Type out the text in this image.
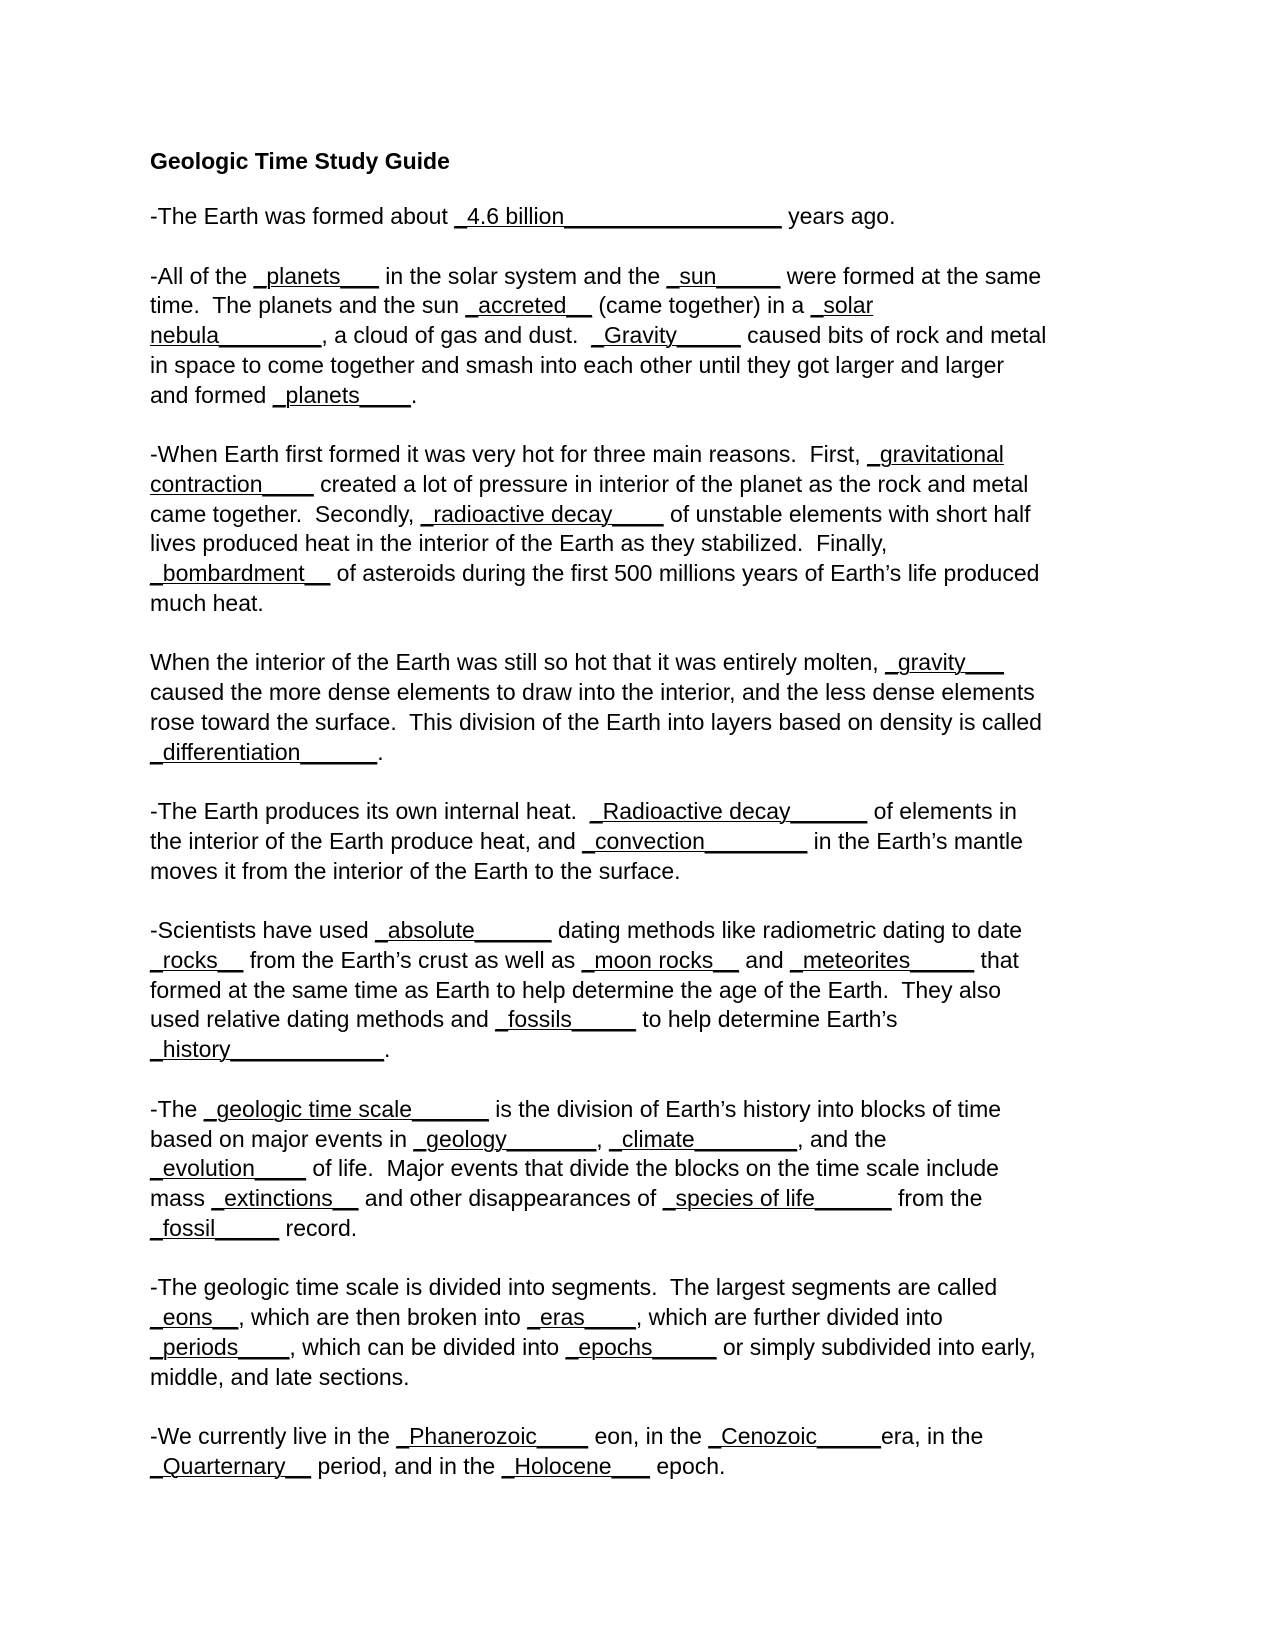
Geologic Time Study Guide
-The Earth was formed about _4.6 billion_________________ years ago.
-All of the _planets___ in the solar system and the _sun_____ were formed at the same
time.  The planets and the sun _accreted__ (came together) in a _solar
nebula________, a cloud of gas and dust.  _Gravity_____ caused bits of rock and metal
in space to come together and smash into each other until they got larger and larger
and formed _planets____.
-When Earth first formed it was very hot for three main reasons.  First, _gravitational
contraction____ created a lot of pressure in interior of the planet as the rock and metal
came together.  Secondly, _radioactive decay____ of unstable elements with short half
lives produced heat in the interior of the Earth as they stabilized.  Finally,
_bombardment__ of asteroids during the first 500 millions years of Earth’s life produced
much heat.
When the interior of the Earth was still so hot that it was entirely molten, _gravity___
caused the more dense elements to draw into the interior, and the less dense elements
rose toward the surface.  This division of the Earth into layers based on density is called
_differentiation______.
-The Earth produces its own internal heat.  _Radioactive decay______ of elements in
the interior of the Earth produce heat, and _convection________ in the Earth’s mantle
moves it from the interior of the Earth to the surface.
-Scientists have used _absolute______ dating methods like radiometric dating to date
_rocks__ from the Earth’s crust as well as _moon rocks__ and _meteorites_____ that
formed at the same time as Earth to help determine the age of the Earth.  They also
used relative dating methods and _fossils_____ to help determine Earth’s
_history____________.
-The _geologic time scale______ is the division of Earth’s history into blocks of time
based on major events in _geology_______, _climate________, and the
_evolution____ of life.  Major events that divide the blocks on the time scale include
mass _extinctions__ and other disappearances of _species of life______ from the
_fossil_____ record.
-The geologic time scale is divided into segments.  The largest segments are called
_eons__, which are then broken into _eras____, which are further divided into
_periods____, which can be divided into _epochs_____ or simply subdivided into early,
middle, and late sections.
-We currently live in the _Phanerozoic____ eon, in the _Cenozoic_____era, in the
_Quarternary__ period, and in the _Holocene___ epoch.
